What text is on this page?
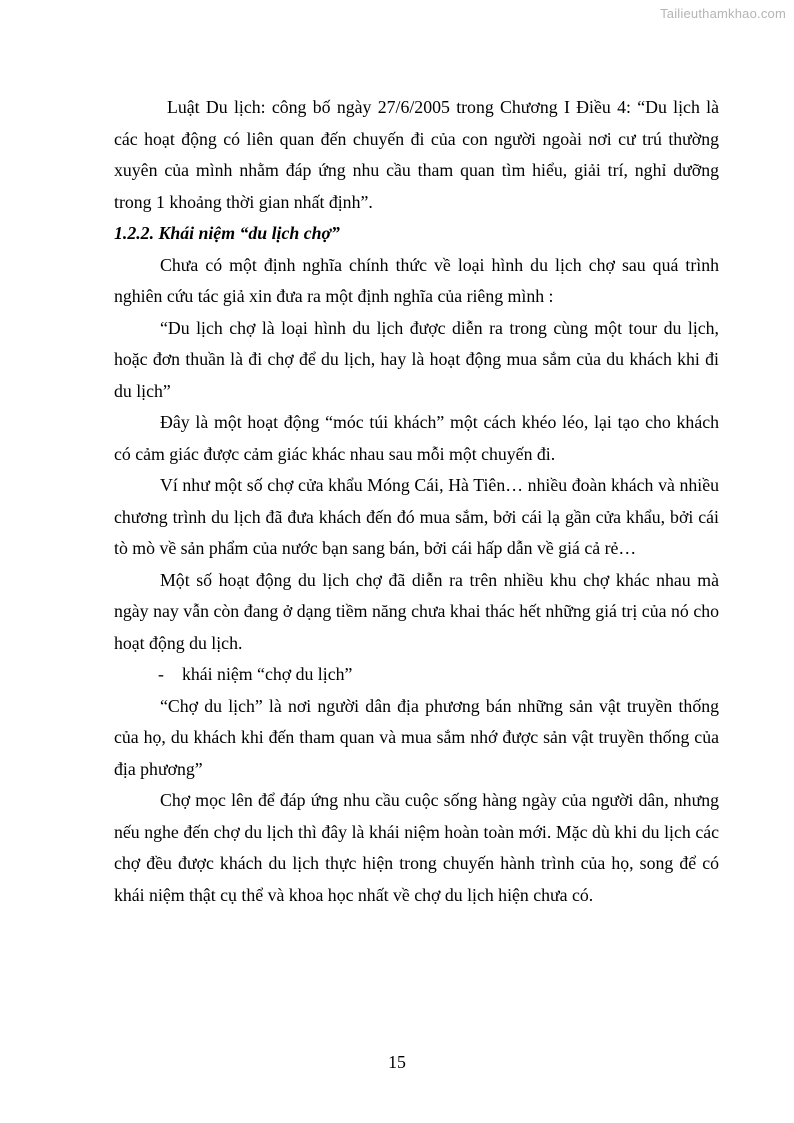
Tailieuthamkhao.com

Luật Du lịch: công bố ngày 27/6/2005 trong Chương I Điều 4: “Du lịch là các hoạt động có liên quan đến chuyến đi của con người ngoài nơi cư trú thường xuyên của mình nhằm đáp ứng nhu cầu tham quan tìm hiểu, giải trí, nghỉ dưỡng trong 1 khoảng thời gian nhất định”.

1.2.2. Khái niệm “du lịch chợ”

Chưa có một định nghĩa chính thức về loại hình du lịch chợ sau quá trình nghiên cứu tác giả xin đưa ra một định nghĩa của riêng mình :

“Du lịch chợ là loại hình du lịch được diễn ra trong cùng một tour du lịch, hoặc đơn thuần là đi chợ để du lịch, hay là hoạt động mua sắm của du khách khi đi du lịch”

Đây là một hoạt động “móc túi khách” một cách khéo léo, lại tạo cho khách có cảm giác được cảm giác khác nhau sau mỗi một chuyến đi.

Ví như một số chợ cửa khẩu Móng Cái, Hà Tiên… nhiều đoàn khách và nhiều chương trình du lịch đã đưa khách đến đó mua sắm, bởi cái lạ gần cửa khẩu, bởi cái tò mò về sản phẩm của nước bạn sang bán, bởi cái hấp dẫn về giá cả rẻ…

Một số hoạt động du lịch chợ đã diễn ra trên nhiều khu chợ khác nhau mà ngày nay vẫn còn đang ở dạng tiềm năng chưa khai thác hết những giá trị của nó cho hoạt động du lịch.

- khái niệm “chợ du lịch”

“Chợ du lịch” là nơi người dân địa phương bán những sản vật truyền thống của họ, du khách khi đến tham quan và mua sắm nhớ được sản vật truyền thống của địa phương”

Chợ mọc lên để đáp ứng nhu cầu cuộc sống hàng ngày của người dân, nhưng nếu nghe đến chợ du lịch thì đây là khái niệm hoàn toàn mới. Mặc dù khi du lịch các chợ đều được khách du lịch thực hiện trong chuyến hành trình của họ, song để có khái niệm thật cụ thể và khoa học nhất về chợ du lịch hiện chưa có.

15
